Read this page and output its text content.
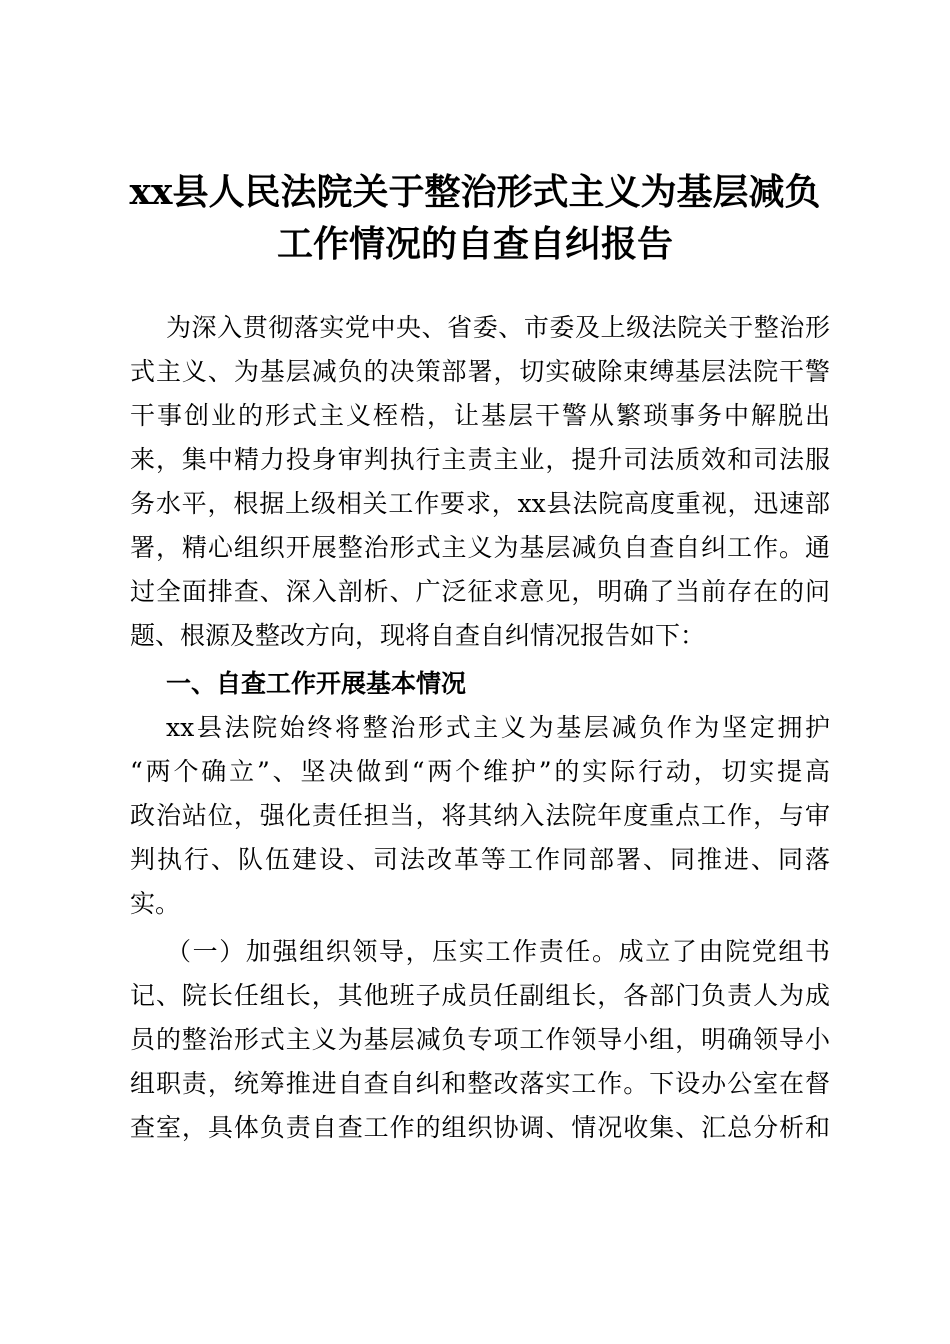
xx县人民法院关于整治形式主义为基层减负
工作情况的自查自纠报告

为深入贯彻落实党中央、省委、市委及上级法院关于整治形

式主义、为基层减负的决策部署，切实破除束缚基层法院干警

干事创业的形式主义桎梏，让基层干警从繁琐事务中解脱出

来，集中精力投身审判执行主责主业，提升司法质效和司法服

务水平，根据上级相关工作要求，xx县法院高度重视，迅速部

署，精心组织开展整治形式主义为基层减负自查自纠工作。通

过全面排查、深入剖析、广泛征求意见，明确了当前存在的问

题、根源及整改方向，现将自查自纠情况报告如下：

一、自查工作开展基本情况

xx县法院始终将整治形式主义为基层减负作为坚定拥护

“两个确立”、坚决做到“两个维护”的实际行动，切实提高

政治站位，强化责任担当，将其纳入法院年度重点工作，与审

判执行、队伍建设、司法改革等工作同部署、同推进、同落

实。

（一）加强组织领导，压实工作责任。成立了由院党组书

记、院长任组长，其他班子成员任副组长，各部门负责人为成

员的整治形式主义为基层减负专项工作领导小组，明确领导小

组职责，统筹推进自查自纠和整改落实工作。下设办公室在督

查室，具体负责自查工作的组织协调、情况收集、汇总分析和
